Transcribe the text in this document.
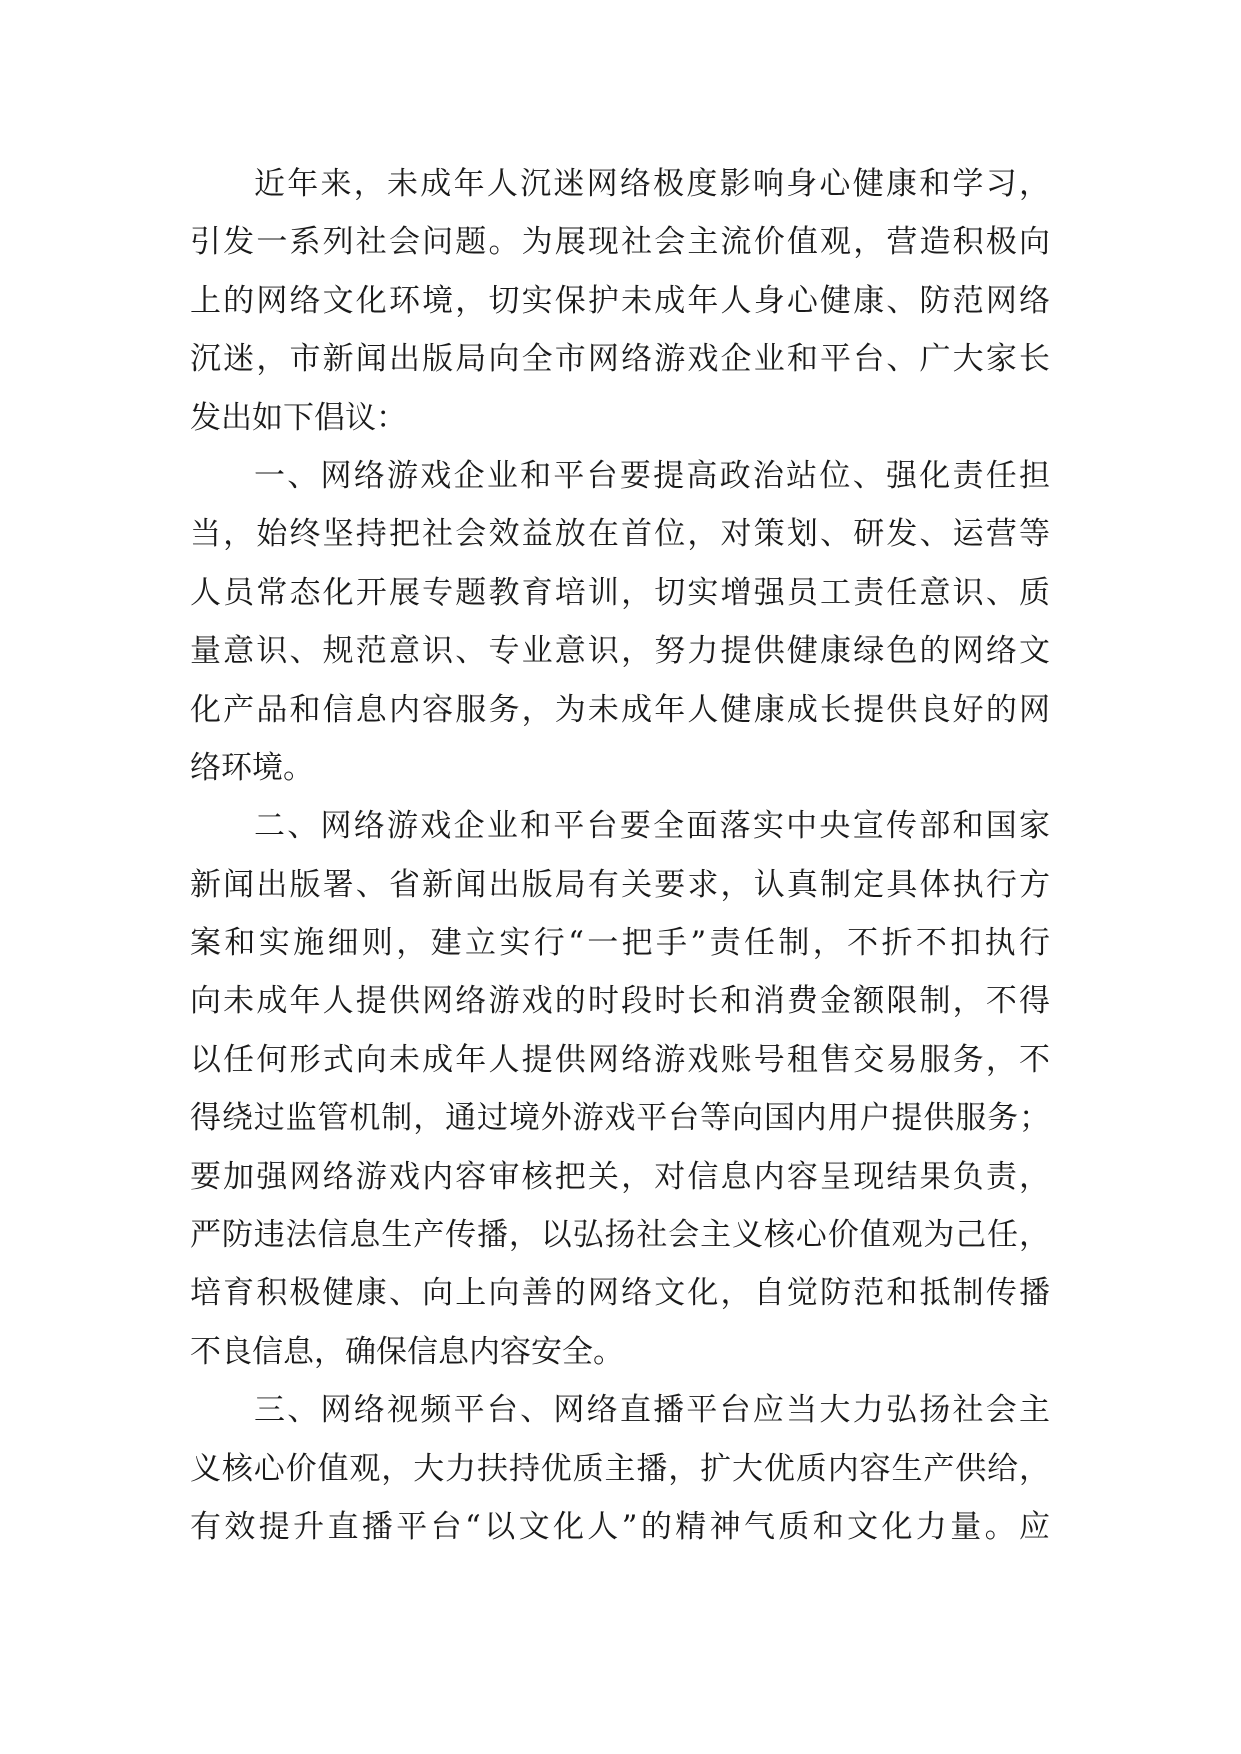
近年来，未成年人沉迷网络极度影响身心健康和学习，
引发一系列社会问题。为展现社会主流价值观，营造积极向
上的网络文化环境，切实保护未成年人身心健康、防范网络
沉迷，市新闻出版局向全市网络游戏企业和平台、广大家长
发出如下倡议：
一、网络游戏企业和平台要提高政治站位、强化责任担
当，始终坚持把社会效益放在首位，对策划、研发、运营等
人员常态化开展专题教育培训，切实增强员工责任意识、质
量意识、规范意识、专业意识，努力提供健康绿色的网络文
化产品和信息内容服务，为未成年人健康成长提供良好的网
络环境。
二、网络游戏企业和平台要全面落实中央宣传部和国家
新闻出版署、省新闻出版局有关要求，认真制定具体执行方
案和实施细则，建立实行“一把手”责任制，不折不扣执行
向未成年人提供网络游戏的时段时长和消费金额限制，不得
以任何形式向未成年人提供网络游戏账号租售交易服务，不
得绕过监管机制，通过境外游戏平台等向国内用户提供服务；
要加强网络游戏内容审核把关，对信息内容呈现结果负责，
严防违法信息生产传播，以弘扬社会主义核心价值观为己任，
培育积极健康、向上向善的网络文化，自觉防范和抵制传播
不良信息，确保信息内容安全。
三、网络视频平台、网络直播平台应当大力弘扬社会主
义核心价值观，大力扶持优质主播，扩大优质内容生产供给，
有效提升直播平台“以文化人”的精神气质和文化力量。应
